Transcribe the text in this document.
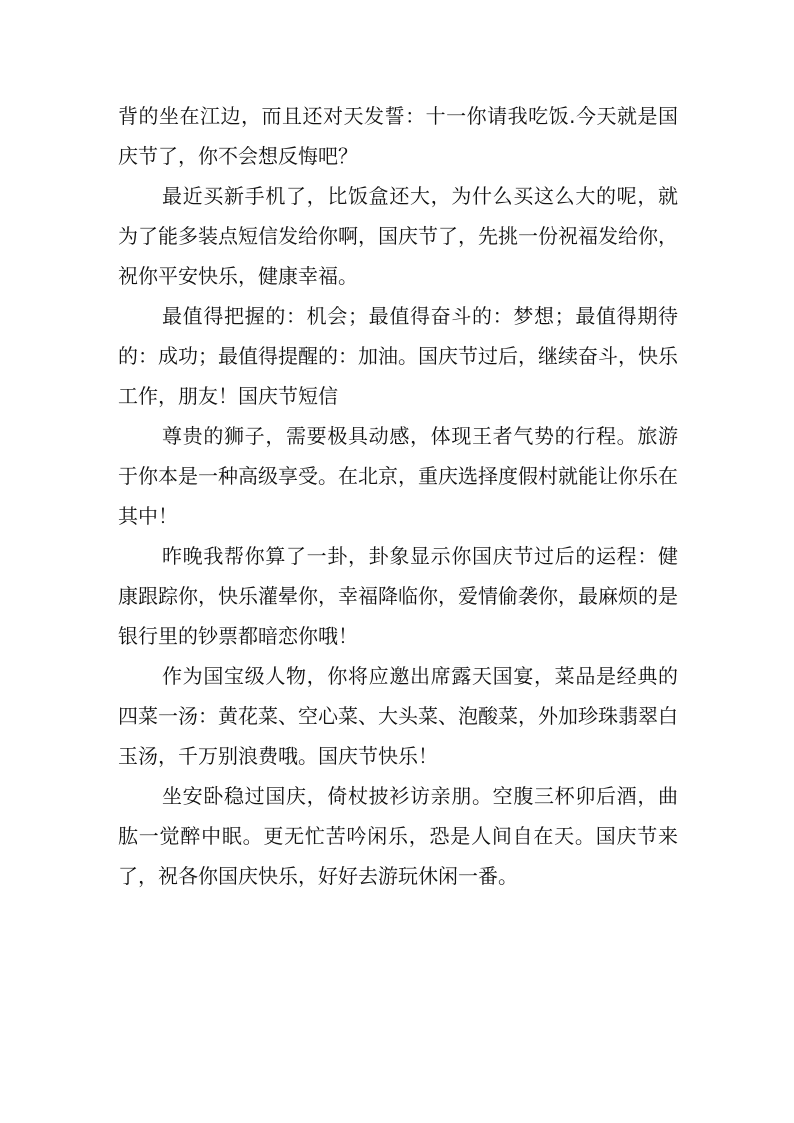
背的坐在江边，而且还对天发誓：十一你请我吃饭.今天就是国庆节了，你不会想反悔吧？

最近买新手机了，比饭盒还大，为什么买这么大的呢，就为了能多装点短信发给你啊，国庆节了，先挑一份祝福发给你，祝你平安快乐，健康幸福。

最值得把握的：机会；最值得奋斗的：梦想；最值得期待的：成功；最值得提醒的：加油。国庆节过后，继续奋斗，快乐工作，朋友！国庆节短信

尊贵的狮子，需要极具动感，体现王者气势的行程。旅游于你本是一种高级享受。在北京，重庆选择度假村就能让你乐在其中！

昨晚我帮你算了一卦，卦象显示你国庆节过后的运程：健康跟踪你，快乐灌晕你，幸福降临你，爱情偷袭你，最麻烦的是银行里的钞票都暗恋你哦！

作为国宝级人物，你将应邀出席露天国宴，菜品是经典的四菜一汤：黄花菜、空心菜、大头菜、泡酸菜，外加珍珠翡翠白玉汤，千万别浪费哦。国庆节快乐！

坐安卧稳过国庆，倚杖披衫访亲朋。空腹三杯卯后酒，曲肱一觉醉中眠。更无忙苦吟闲乐，恐是人间自在天。国庆节来了，祝各你国庆快乐，好好去游玩休闲一番。
